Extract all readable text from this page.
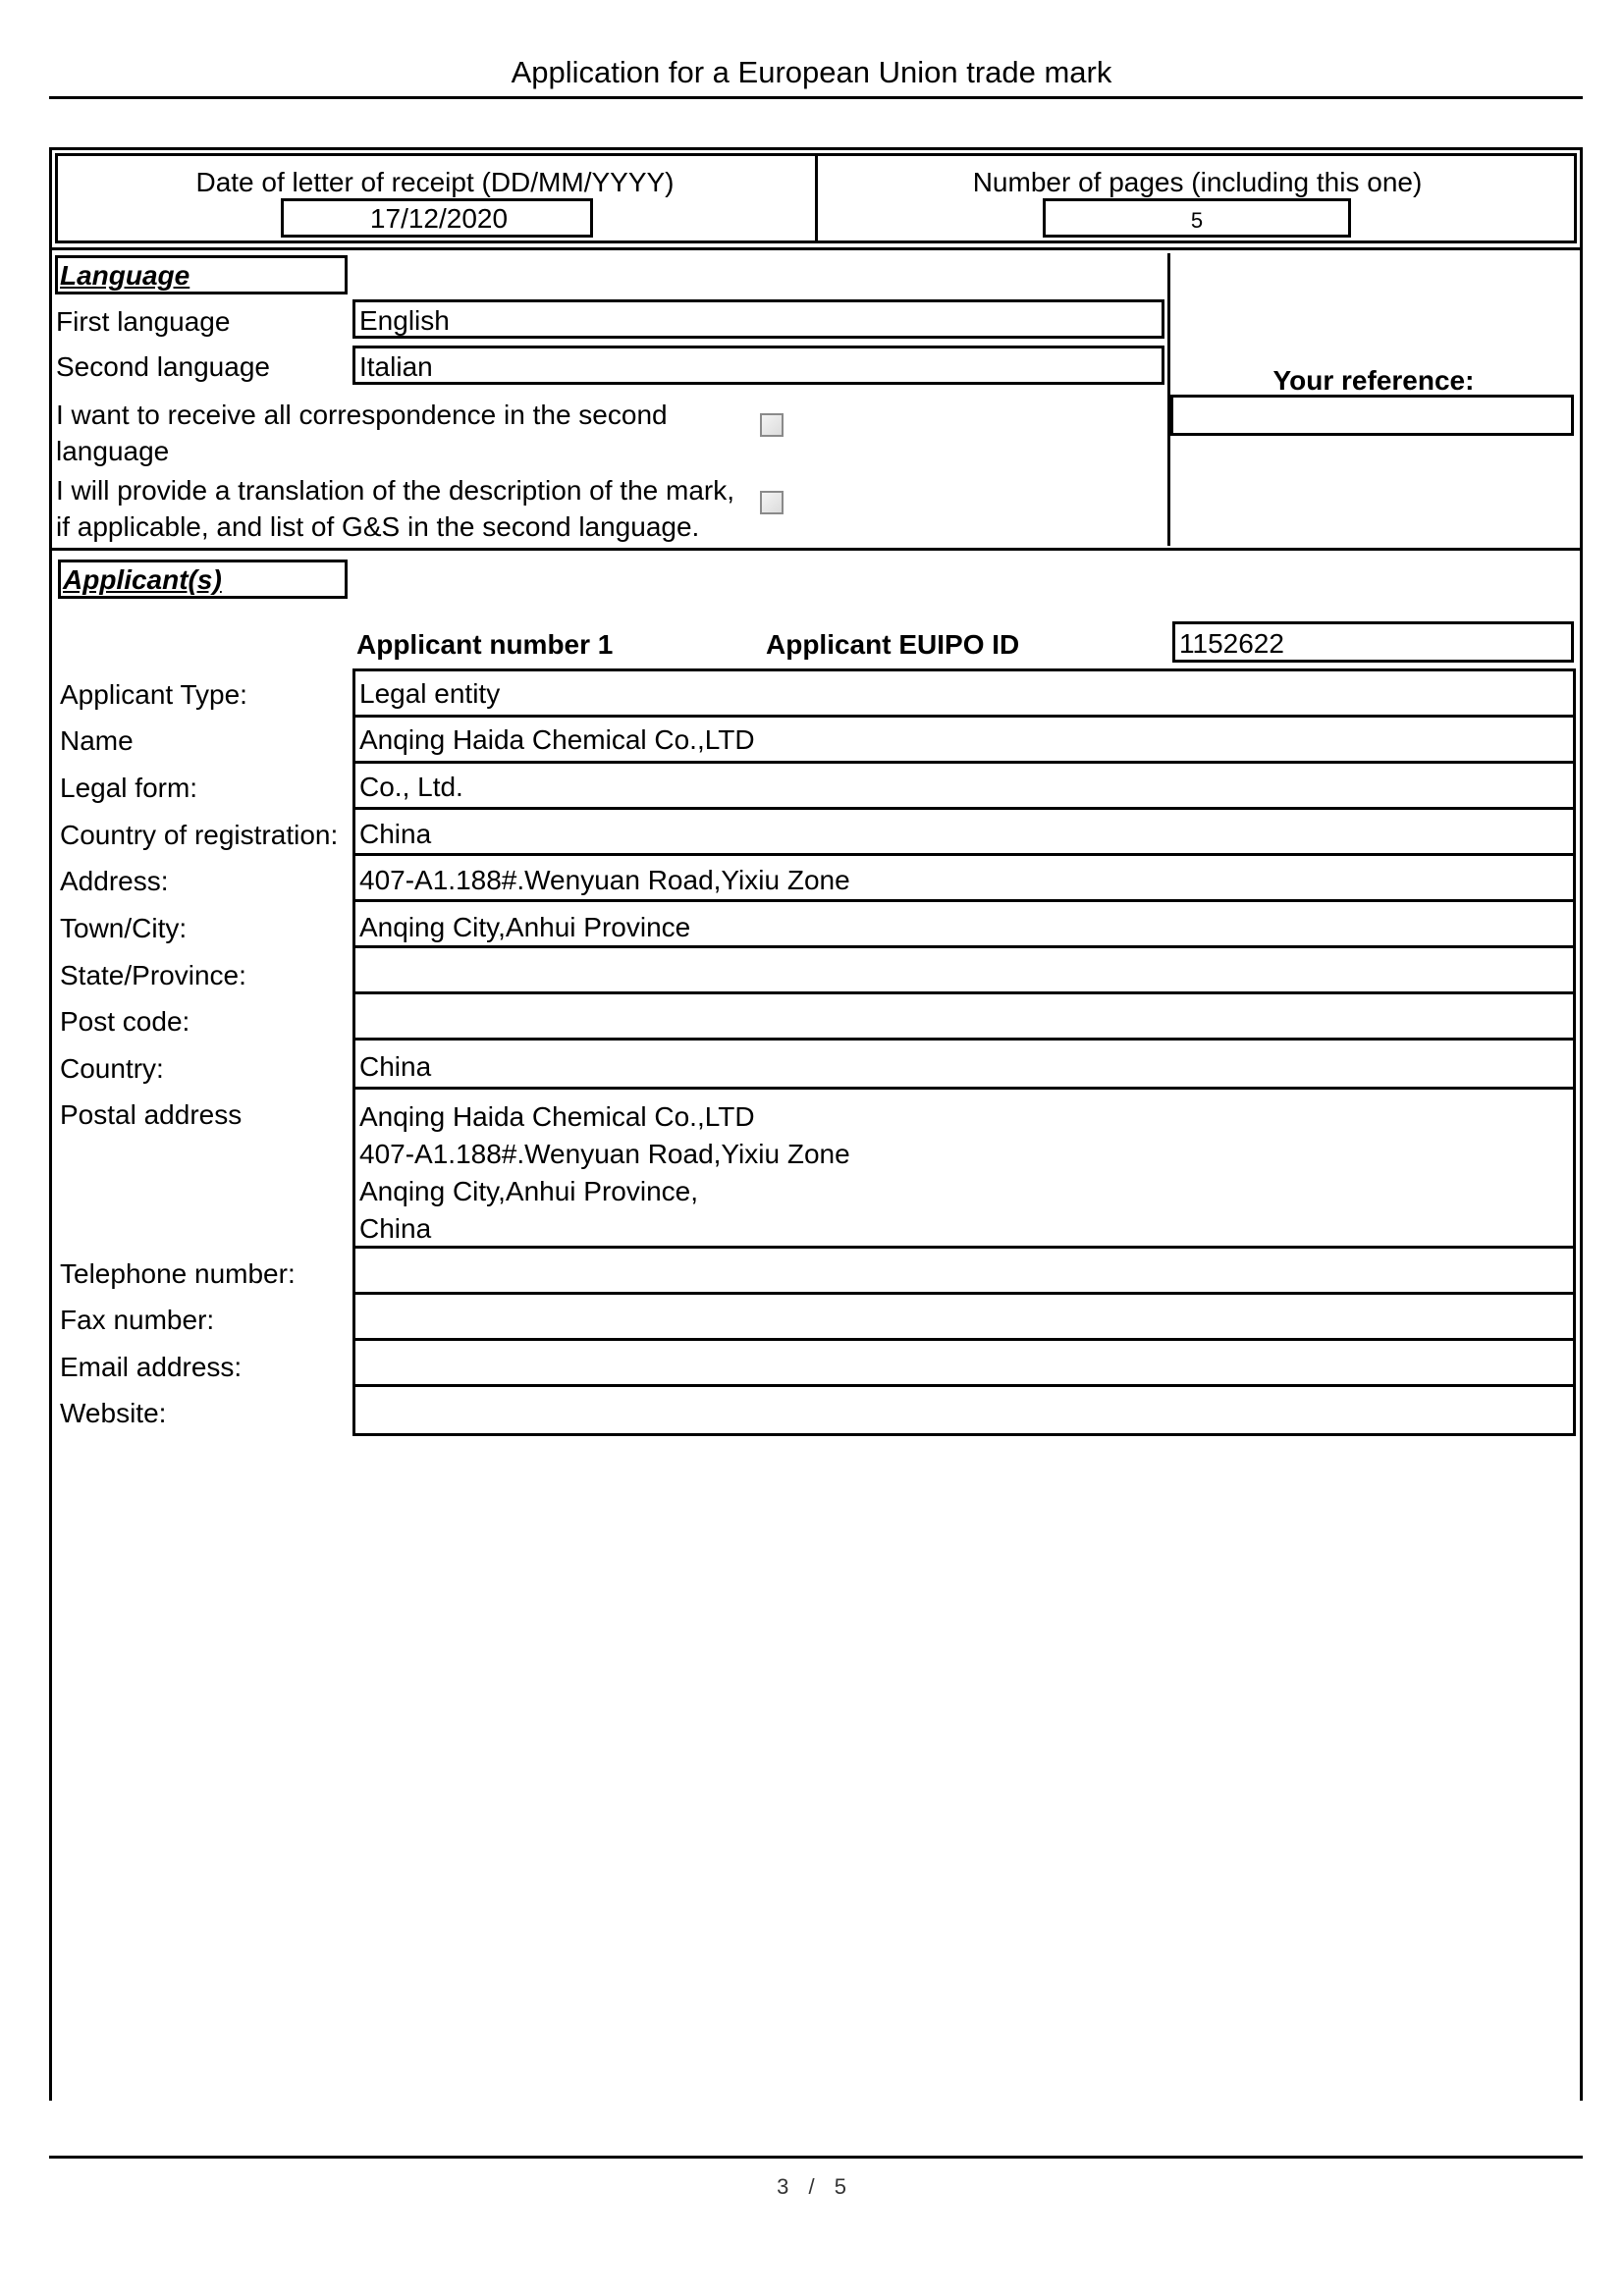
Application for a European Union trade mark
Date of letter of receipt (DD/MM/YYYY)
17/12/2020
Number of pages (including this one)
5
Language
First language	English
Second language	Italian
I want to receive all correspondence in the second language
I will provide a translation of the description of the mark, if applicable, and list of G&S in the second language.
Your reference:
Applicant(s)
Applicant number 1	Applicant EUIPO ID	1152622
Applicant Type:	Legal entity
Name	Anqing Haida Chemical Co.,LTD
Legal form:	Co., Ltd.
Country of registration: China
Address:	407-A1.188#.Wenyuan Road,Yixiu Zone
Town/City:	Anqing City,Anhui Province
State/Province:
Post code:
Country:	China
Postal address	Anqing Haida Chemical Co.,LTD
407-A1.188#.Wenyuan Road,Yixiu Zone
Anqing City,Anhui Province,
China
Telephone number:
Fax number:
Email address:
Website:
3 / 5
